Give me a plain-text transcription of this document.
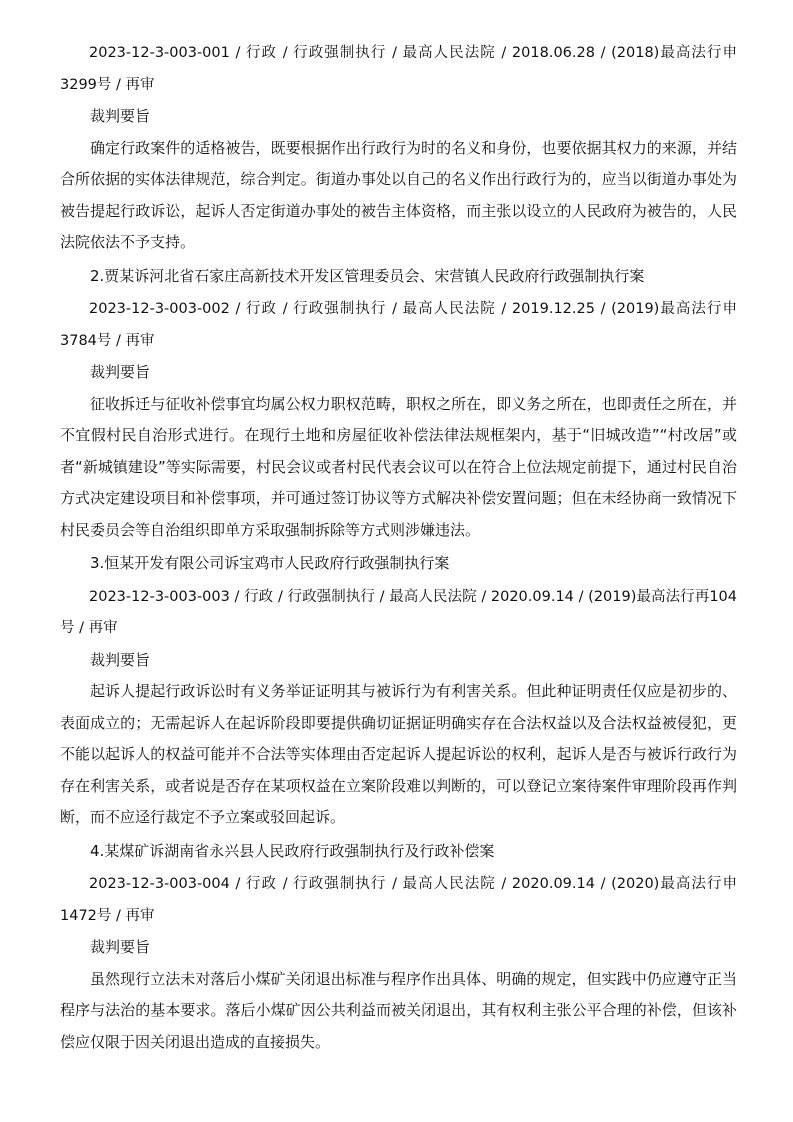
2023-12-3-003-001 / 行政 / 行政强制执行 / 最高人民法院 / 2018.06.28 / (2018)最高法行申3299号 / 再审

裁判要旨

确定行政案件的适格被告，既要根据作出行政行为时的名义和身份，也要依据其权力的来源，并结合所依据的实体法律规范，综合判定。街道办事处以自己的名义作出行政行为的，应当以街道办事处为被告提起行政诉讼，起诉人否定街道办事处的被告主体资格，而主张以设立的人民政府为被告的，人民法院依法不予支持。

2.贾某诉河北省石家庄高新技术开发区管理委员会、宋营镇人民政府行政强制执行案

2023-12-3-003-002 / 行政 / 行政强制执行 / 最高人民法院 / 2019.12.25 / (2019)最高法行申3784号 / 再审

裁判要旨

征收拆迁与征收补偿事宜均属公权力职权范畴，职权之所在，即义务之所在，也即责任之所在，并不宜假村民自治形式进行。在现行土地和房屋征收补偿法律法规框架内，基于“旧城改造”“村改居”或者“新城镇建设”等实际需要，村民会议或者村民代表会议可以在符合上位法规定前提下，通过村民自治方式决定建设项目和补偿事项，并可通过签订协议等方式解决补偿安置问题；但在未经协商一致情况下村民委员会等自治组织即单方采取强制拆除等方式则涉嫌违法。

3.恒某开发有限公司诉宝鸡市人民政府行政强制执行案

2023-12-3-003-003 / 行政 / 行政强制执行 / 最高人民法院 / 2020.09.14 / (2019)最高法行再104号 / 再审

裁判要旨

起诉人提起行政诉讼时有义务举证证明其与被诉行为有利害关系。但此种证明责任仅应是初步的、表面成立的；无需起诉人在起诉阶段即要提供确切证据证明确实存在合法权益以及合法权益被侵犯，更不能以起诉人的权益可能并不合法等实体理由否定起诉人提起诉讼的权利，起诉人是否与被诉行政行为存在利害关系，或者说是否存在某项权益在立案阶段难以判断的，可以登记立案待案件审理阶段再作判断，而不应迳行裁定不予立案或驳回起诉。

4.某煤矿诉湖南省永兴县人民政府行政强制执行及行政补偿案

2023-12-3-003-004 / 行政 / 行政强制执行 / 最高人民法院 / 2020.09.14 / (2020)最高法行申1472号 / 再审

裁判要旨

虽然现行立法未对落后小煤矿关闭退出标准与程序作出具体、明确的规定，但实践中仍应遵守正当程序与法治的基本要求。落后小煤矿因公共利益而被关闭退出，其有权利主张公平合理的补偿，但该补偿应仅限于因关闭退出造成的直接损失。
